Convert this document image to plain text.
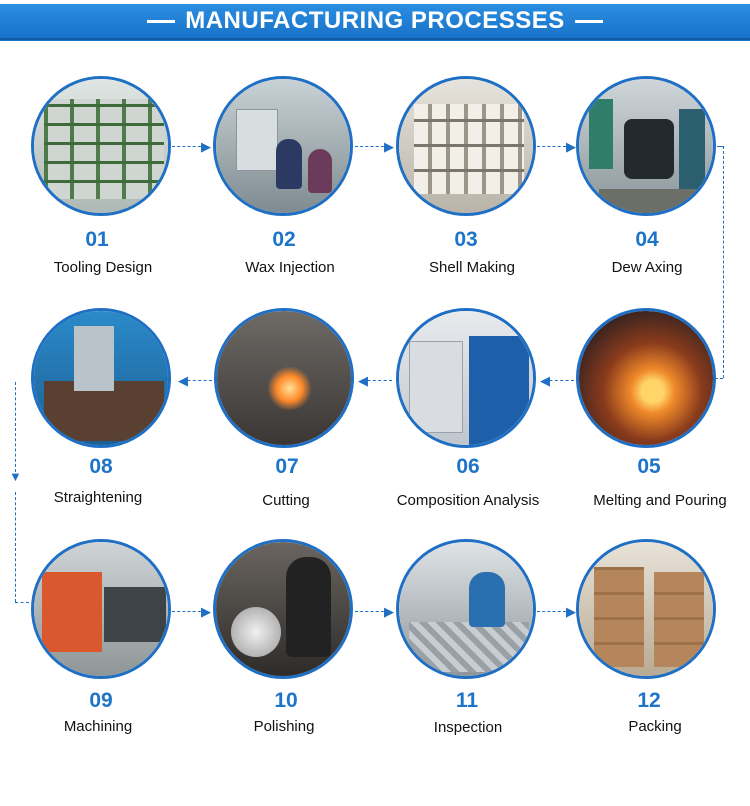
MANUFACTURING PROCESSES
▶	▶	▶
◀
◀
◀
▼
▶	▶	▶
01
Tooling Design
02
Wax Injection
03
Shell Making
04
Dew Axing
05
Melting and Pouring
06
Composition Analysis
07
Cutting
08
Straightening
09
Machining
10
Polishing
11
Inspection
12
Packing
